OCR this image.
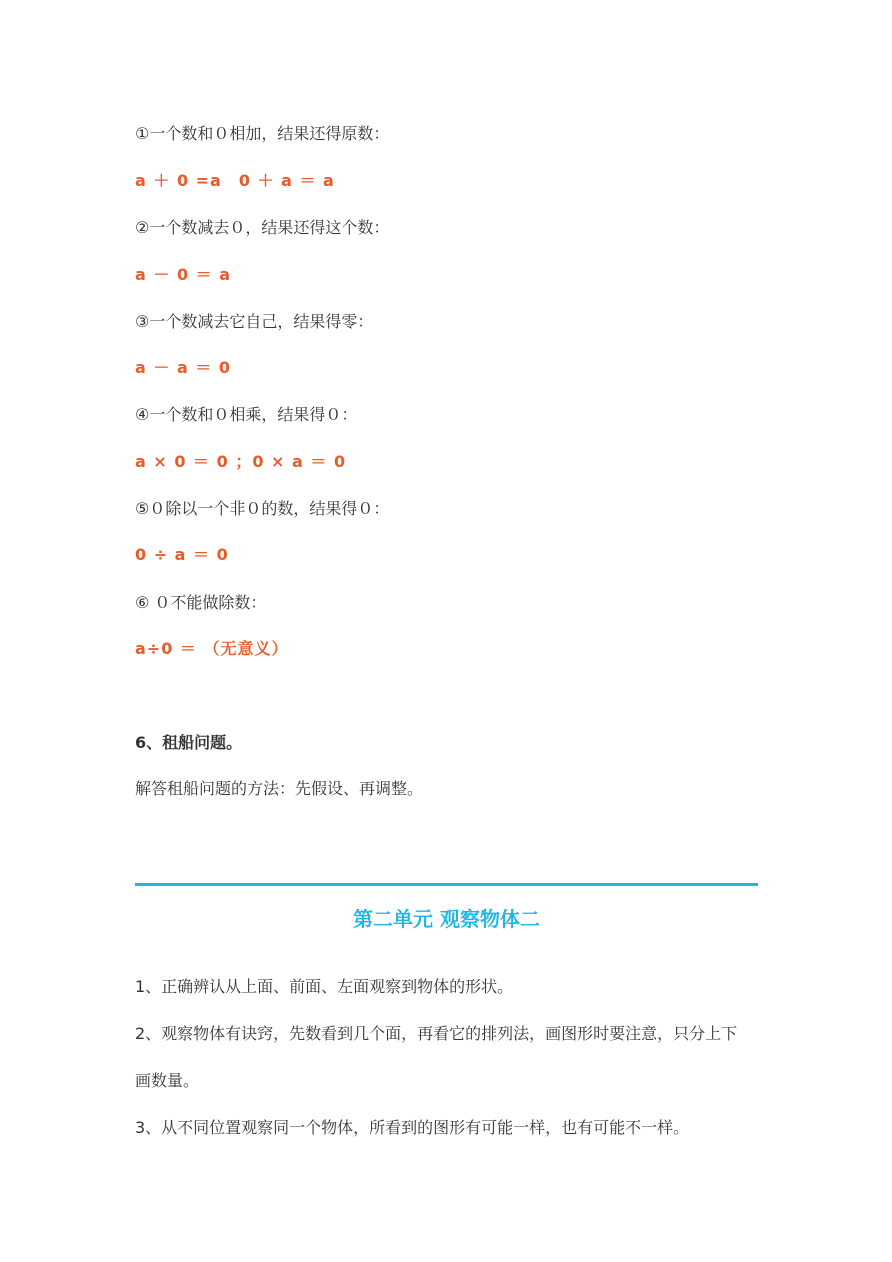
①一个数和０相加，结果还得原数：
a ＋ 0 =a　0 ＋ a ＝ a
②一个数减去０，结果还得这个数：
a － 0 ＝ a
③一个数减去它自己，结果得零：
a － a ＝ 0
④一个数和０相乘，结果得０：
a × 0 ＝ 0 ；0 × a ＝ 0
⑤０除以一个非０的数，结果得０：
0 ÷ a ＝ 0
⑥ ０不能做除数：
a÷0 ＝ （无意义）
6、租船问题。
解答租船问题的方法：先假设、再调整。
第二单元 观察物体二
1、正确辨认从上面、前面、左面观察到物体的形状。
2、观察物体有诀窍，先数看到几个面，再看它的排列法，画图形时要注意，只分上下
画数量。
3、从不同位置观察同一个物体，所看到的图形有可能一样，也有可能不一样。
